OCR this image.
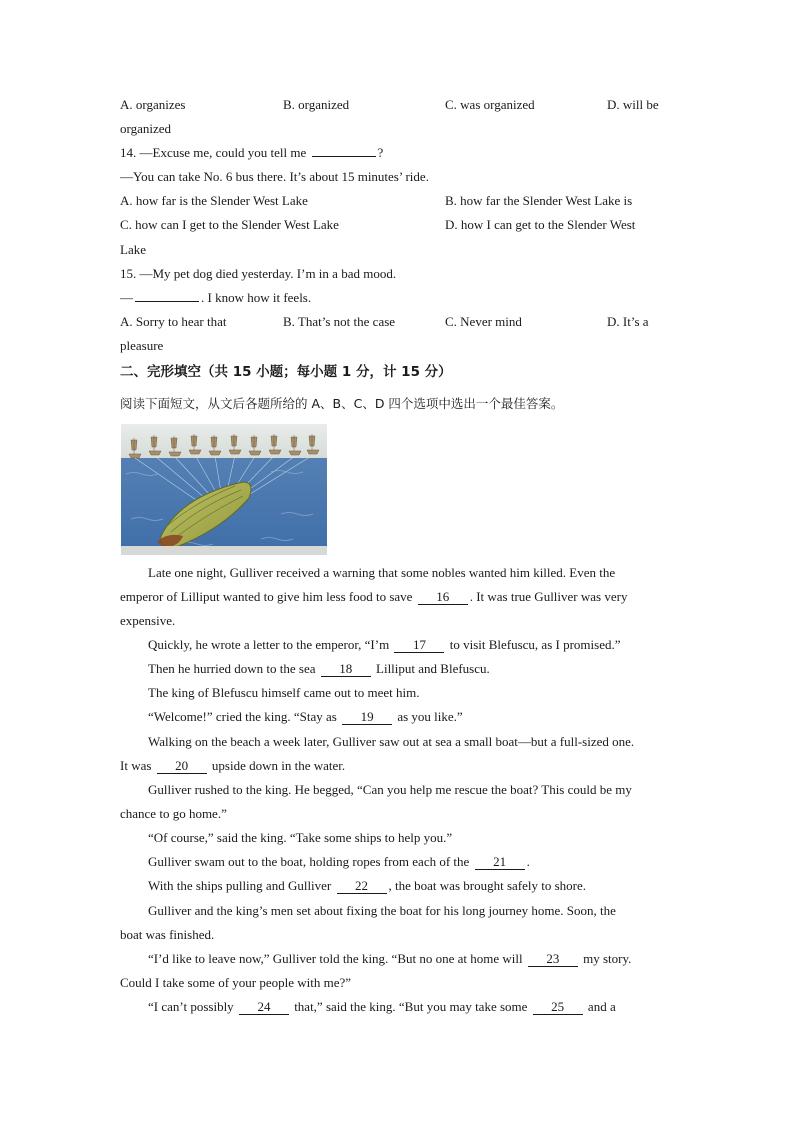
A. organizes	B. organized	C. was organized	D. will be
organized
14. —Excuse me, could you tell me	?
—You can take No. 6 bus there. It’s about 15 minutes’ ride.
A. how far is the Slender West Lake	B. how far the Slender West Lake is
C. how can I get to the Slender West Lake	D. how I can get to the Slender West
Lake
15. —My pet dog died yesterday. I’m in a bad mood.
—	. I know how it feels.
A. Sorry to hear that	B. That’s not the case	C. Never mind	D. It’s a
pleasure
二、完形填空（共 15 小题；每小题 1 分，计 15 分）
阅读下面短文，从文后各题所给的 A、B、C、D 四个选项中选出一个最佳答案。
Late one night, Gulliver received a warning that some nobles wanted him killed. Even the
emperor of Lilliput wanted to give him less food to save 16 . It was true Gulliver was very
expensive.
Quickly, he wrote a letter to the emperor, “I’m 17 to visit Blefuscu, as I promised.”
Then he hurried down to the sea 18 Lilliput and Blefuscu.
The king of Blefuscu himself came out to meet him.
“Welcome!” cried the king. “Stay as 19 as you like.”
Walking on the beach a week later, Gulliver saw out at sea a small boat—but a full-sized one.
It was 20 upside down in the water.
Gulliver rushed to the king. He begged, “Can you help me rescue the boat? This could be my
chance to go home.”
“Of course,” said the king. “Take some ships to help you.”
Gulliver swam out to the boat, holding ropes from each of the 21 .
With the ships pulling and Gulliver 22 , the boat was brought safely to shore.
Gulliver and the king’s men set about fixing the boat for his long journey home. Soon, the
boat was finished.
“I’d like to leave now,” Gulliver told the king. “But no one at home will 23 my story.
Could I take some of your people with me?”
“I can’t possibly 24 that,” said the king. “But you may take some 25 and a
